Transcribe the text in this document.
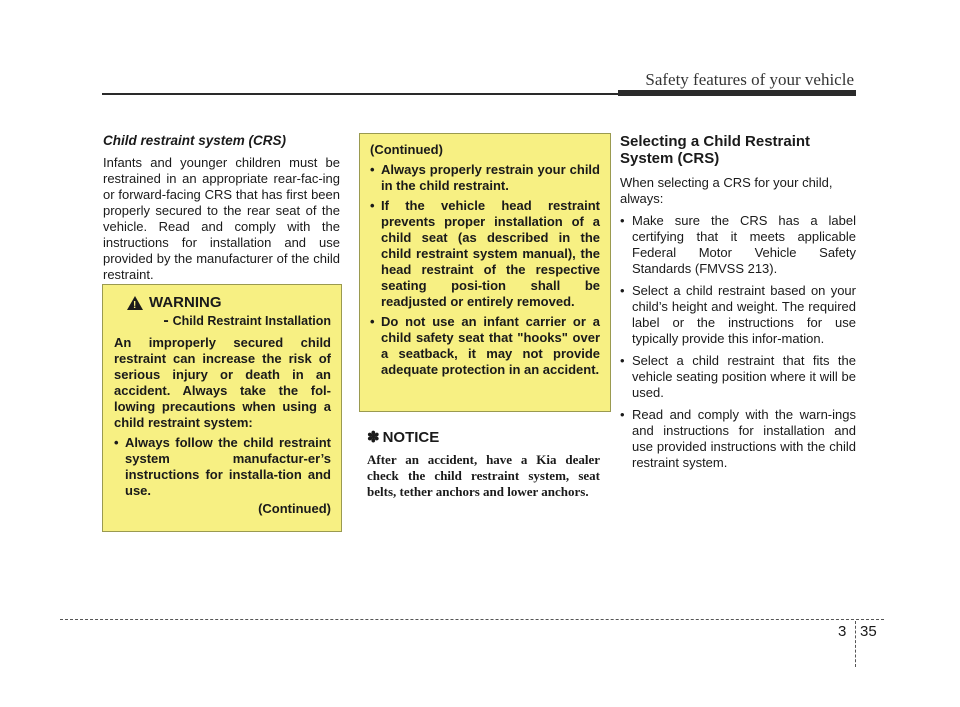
Safety features of your vehicle

Child restraint system (CRS)

Infants and younger children must be restrained in an appropriate rear-fac-ing or forward-facing CRS that has first been properly secured to the rear seat of the vehicle. Read and comply with the instructions for installation and use provided by the manufacturer of the child restraint.

!
WARNING
- Child Restraint Installation
An improperly secured child restraint can increase the risk of serious injury or death in an accident. Always take the fol-lowing precautions when using a child restraint system:
• Always follow the child restraint system manufactur-er’s instructions for installa-tion and use.
(Continued)
(Continued)
• Always properly restrain your child in the child restraint.
• If the vehicle head restraint prevents proper installation of a child seat (as described in the child restraint system manual), the head restraint of the respective seating posi-tion shall be readjusted or entirely removed.
• Do not use an infant carrier or a child safety seat that "hooks" over a seatback, it may not provide adequate protection in an accident.

✽ NOTICE

After an accident, have a Kia dealer check the child restraint system, seat belts, tether anchors and lower anchors.

Selecting a Child Restraint System (CRS)

When selecting a CRS for your child, always:

• Make sure the CRS has a label certifying that it meets applicable Federal Motor Vehicle Safety Standards (FMVSS 213).
• Select a child restraint based on your child’s height and weight. The required label or the instructions for use typically provide this infor-mation.
• Select a child restraint that fits the vehicle seating position where it will be used.
• Read and comply with the warn-ings and instructions for installation and use provided instructions with the child restraint system.
3 35
